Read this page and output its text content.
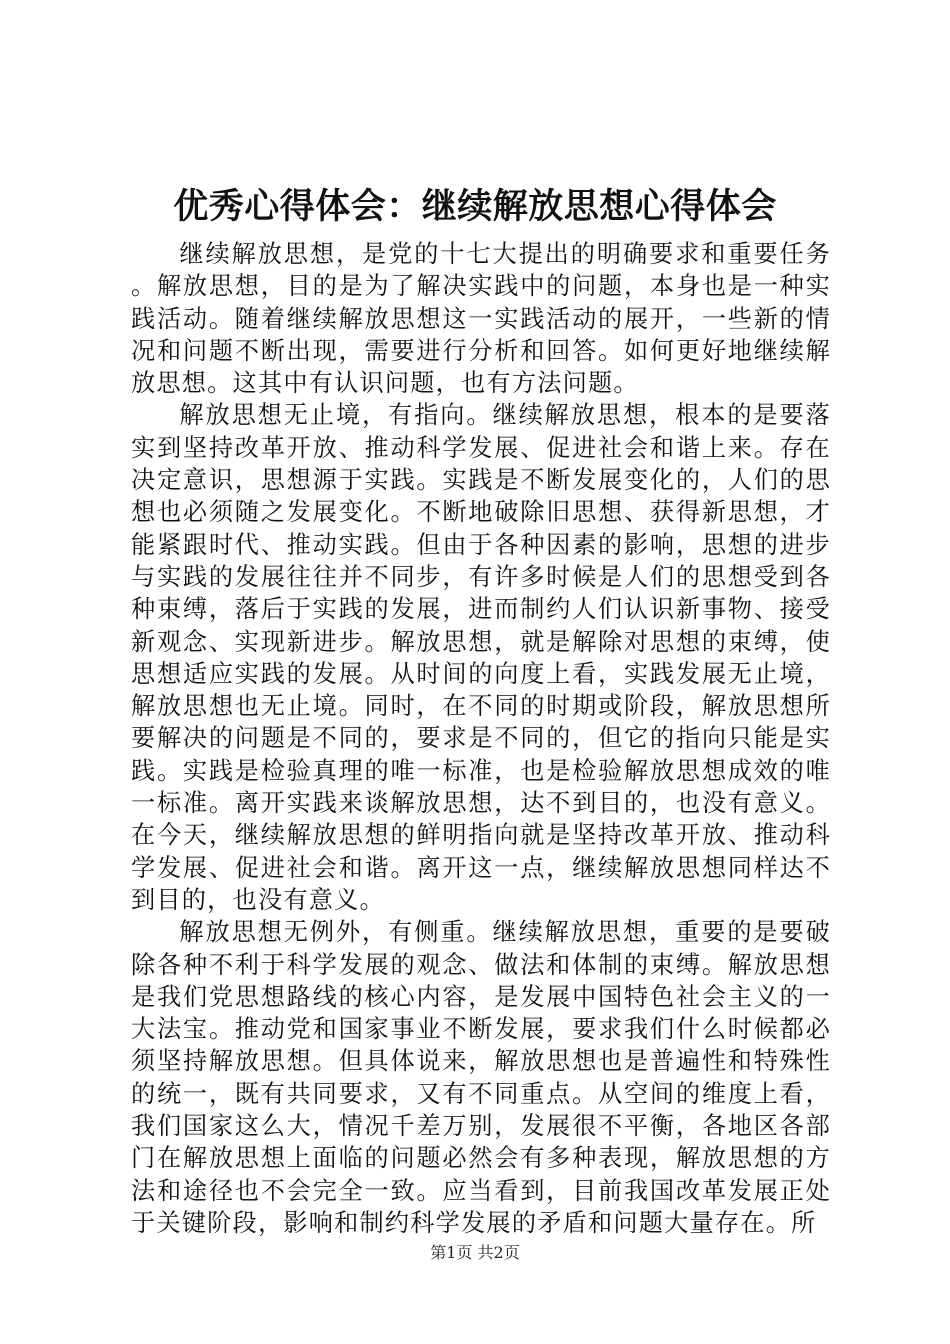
优秀心得体会：继续解放思想心得体会

继续解放思想，是党的十七大提出的明确要求和重要任务。解放思想，目的是为了解决实践中的问题，本身也是一种实践活动。随着继续解放思想这一实践活动的展开，一些新的情况和问题不断出现，需要进行分析和回答。如何更好地继续解放思想。这其中有认识问题，也有方法问题。

解放思想无止境，有指向。继续解放思想，根本的是要落实到坚持改革开放、推动科学发展、促进社会和谐上来。存在决定意识，思想源于实践。实践是不断发展变化的，人们的思想也必须随之发展变化。不断地破除旧思想、获得新思想，才能紧跟时代、推动实践。但由于各种因素的影响，思想的进步与实践的发展往往并不同步，有许多时候是人们的思想受到各种束缚，落后于实践的发展，进而制约人们认识新事物、接受新观念、实现新进步。解放思想，就是解除对思想的束缚，使思想适应实践的发展。从时间的向度上看，实践发展无止境，解放思想也无止境。同时，在不同的时期或阶段，解放思想所要解决的问题是不同的，要求是不同的，但它的指向只能是实践。实践是检验真理的唯一标准，也是检验解放思想成效的唯一标准。离开实践来谈解放思想，达不到目的，也没有意义。在今天，继续解放思想的鲜明指向就是坚持改革开放、推动科学发展、促进社会和谐。离开这一点，继续解放思想同样达不到目的，也没有意义。

解放思想无例外，有侧重。继续解放思想，重要的是要破除各种不利于科学发展的观念、做法和体制的束缚。解放思想是我们党思想路线的核心内容，是发展中国特色社会主义的一大法宝。推动党和国家事业不断发展，要求我们什么时候都必须坚持解放思想。但具体说来，解放思想也是普遍性和特殊性的统一，既有共同要求，又有不同重点。从空间的维度上看，我们国家这么大，情况千差万别，发展很不平衡，各地区各部门在解放思想上面临的问题必然会有多种表现，解放思想的方法和途径也不会完全一致。应当看到，目前我国改革发展正处于关键阶段，影响和制约科学发展的矛盾和问题大量存在。所

第1页 共2页
